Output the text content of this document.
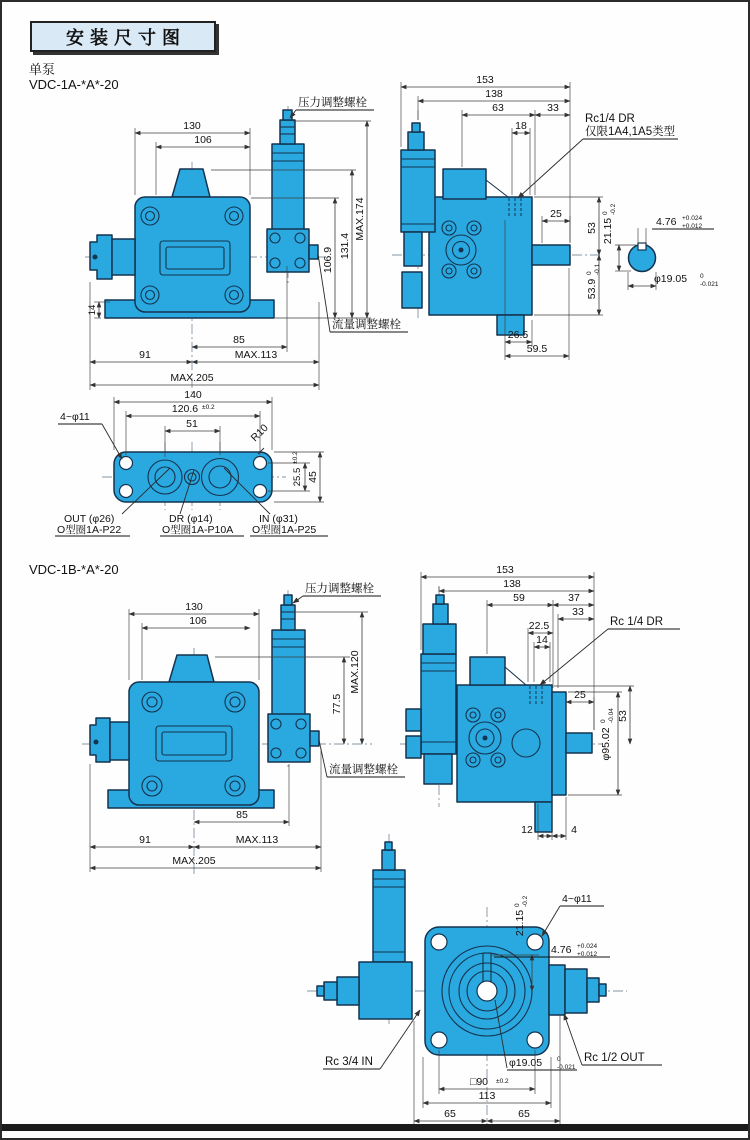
安装尺寸图
单泵
VDC-1A-*A*-20
VDC-1B-*A*-20
130
106
MAX.174
131.4
106.9
14
85
91	MAX.113
MAX.205
压力调整螺栓
流量调整螺栓
153
138
63	33
18
25
53
53.9
0 -0.1
26.5
59.5
Rc1/4 DR
仅限1A4,1A5类型
21.15
0 -0.2
4.76 +0.024
+0.012
φ19.05 0
-0.021
140
120.6 ±0.2
51
4~φ11
R10
25.5
±0.2
45
OUT (φ26)
O型圈1A-P22
DR (φ14)
O型圈1A-P10A
IN (φ31)
O型圈1A-P25
130
106
MAX.120
77.5
85
91	MAX.113
MAX.205
压力调整螺栓
流量调整螺栓
153
138
59	37
33
22.5
14
25
53
φ95.02
0 -0.04
12	4
Rc 1/4 DR
21.15
0 -0.2	4~φ11
4.76 +0.024
+0.012
φ19.05 0
-0.021
□90 ±0.2
113
65	65
Rc 3/4 IN	Rc 1/2 OUT
